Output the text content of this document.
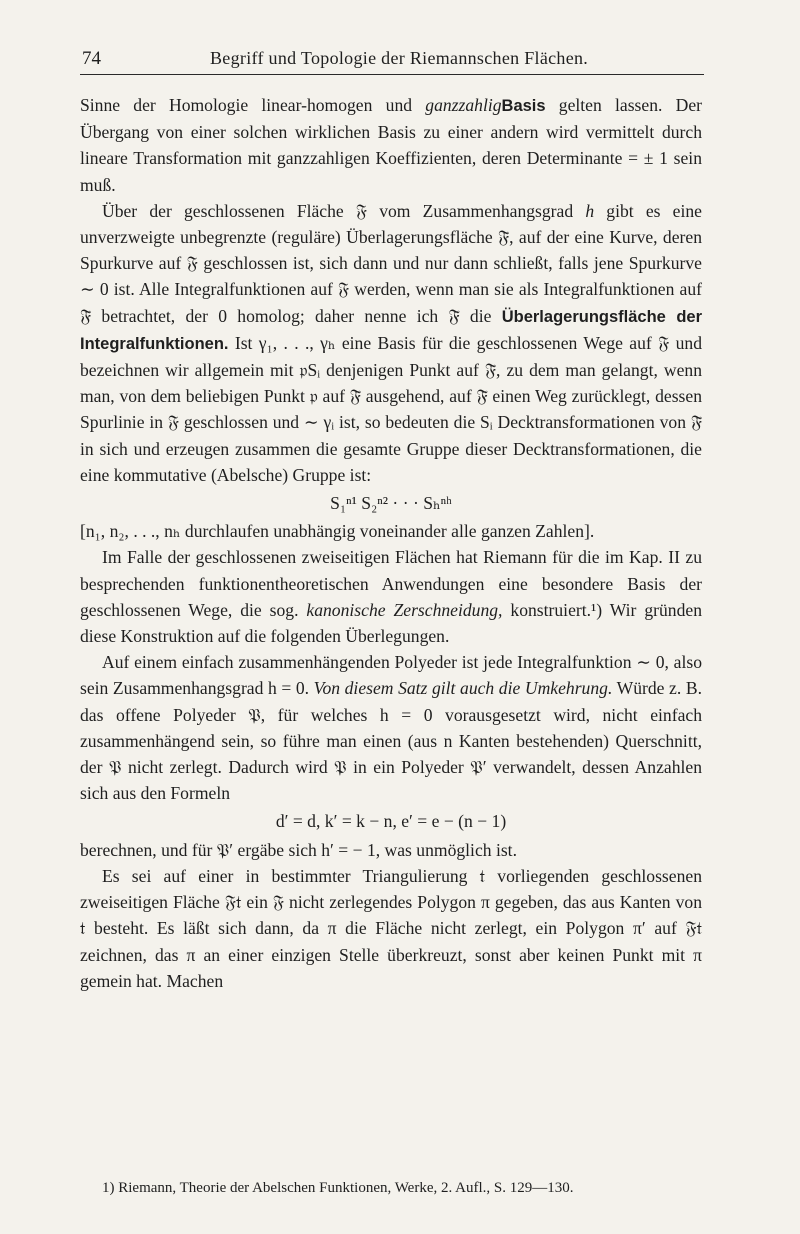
74	Begriff und Topologie der Riemannschen Flächen.

Sinne der Homologie linear-homogen und ganzzahligBasis gelten lassen. Der Übergang von einer solchen wirklichen Basis zu einer andern wird vermittelt durch lineare Transformation mit ganzzahligen Koeffizienten, deren Determinante = ± 1 sein muß.

Über der geschlossenen Fläche 𝔉 vom Zusammenhangsgrad h gibt es eine unverzweigte unbegrenzte (reguläre) Überlagerungsfläche 𝔉̃, auf der eine Kurve, deren Spurkurve auf 𝔉 geschlossen ist, sich dann und nur dann schließt, falls jene Spurkurve ∼ 0 ist. Alle Integralfunktionen auf 𝔉 werden, wenn man sie als Integralfunktionen auf 𝔉̃ betrachtet, der 0 homolog; daher nenne ich 𝔉̃ die Überlagerungsfläche der Integralfunktionen. Ist γ₁, . . ., γₕ eine Basis für die geschlossenen Wege auf 𝔉 und bezeichnen wir allgemein mit 𝔭Sᵢ denjenigen Punkt auf 𝔉̃, zu dem man gelangt, wenn man, von dem beliebigen Punkt 𝔭 auf 𝔉̃ ausgehend, auf 𝔉̃ einen Weg zurücklegt, dessen Spurlinie in 𝔉 geschlossen und ∼ γᵢ ist, so bedeuten die Sᵢ Decktransformationen von 𝔉̃ in sich und erzeugen zusammen die gesamte Gruppe dieser Decktransformationen, die eine kommutative (Abelsche) Gruppe ist:

S₁ⁿ¹ S₂ⁿ² · · · Sₕⁿʰ

[n₁, n₂, . . ., nₕ durchlaufen unabhängig voneinander alle ganzen Zahlen].

Im Falle der geschlossenen zweiseitigen Flächen hat Riemann für die im Kap. II zu besprechenden funktionentheoretischen Anwendungen eine besondere Basis der geschlossenen Wege, die sog. kanonische Zerschneidung, konstruiert.¹) Wir gründen diese Konstruktion auf die folgenden Überlegungen.

Auf einem einfach zusammenhängenden Polyeder ist jede Integralfunktion ∼ 0, also sein Zusammenhangsgrad h = 0. Von diesem Satz gilt auch die Umkehrung. Würde z. B. das offene Polyeder 𝔓, für welches h = 0 vorausgesetzt wird, nicht einfach zusammenhängend sein, so führe man einen (aus n Kanten bestehenden) Querschnitt, der 𝔓 nicht zerlegt. Dadurch wird 𝔓 in ein Polyeder 𝔓′ verwandelt, dessen Anzahlen sich aus den Formeln

d′ = d, k′ = k − n, e′ = e − (n − 1)

berechnen, und für 𝔓′ ergäbe sich h′ = − 1, was unmöglich ist.

Es sei auf einer in bestimmter Triangulierung 𝔱 vorliegenden geschlossenen zweiseitigen Fläche 𝔉𝔱 ein 𝔉 nicht zerlegendes Polygon π gegeben, das aus Kanten von 𝔱 besteht. Es läßt sich dann, da π die Fläche nicht zerlegt, ein Polygon π′ auf 𝔉𝔱 zeichnen, das π an einer einzigen Stelle überkreuzt, sonst aber keinen Punkt mit π gemein hat. Machen

1) Riemann, Theorie der Abelschen Funktionen, Werke, 2. Aufl., S. 129—130.
